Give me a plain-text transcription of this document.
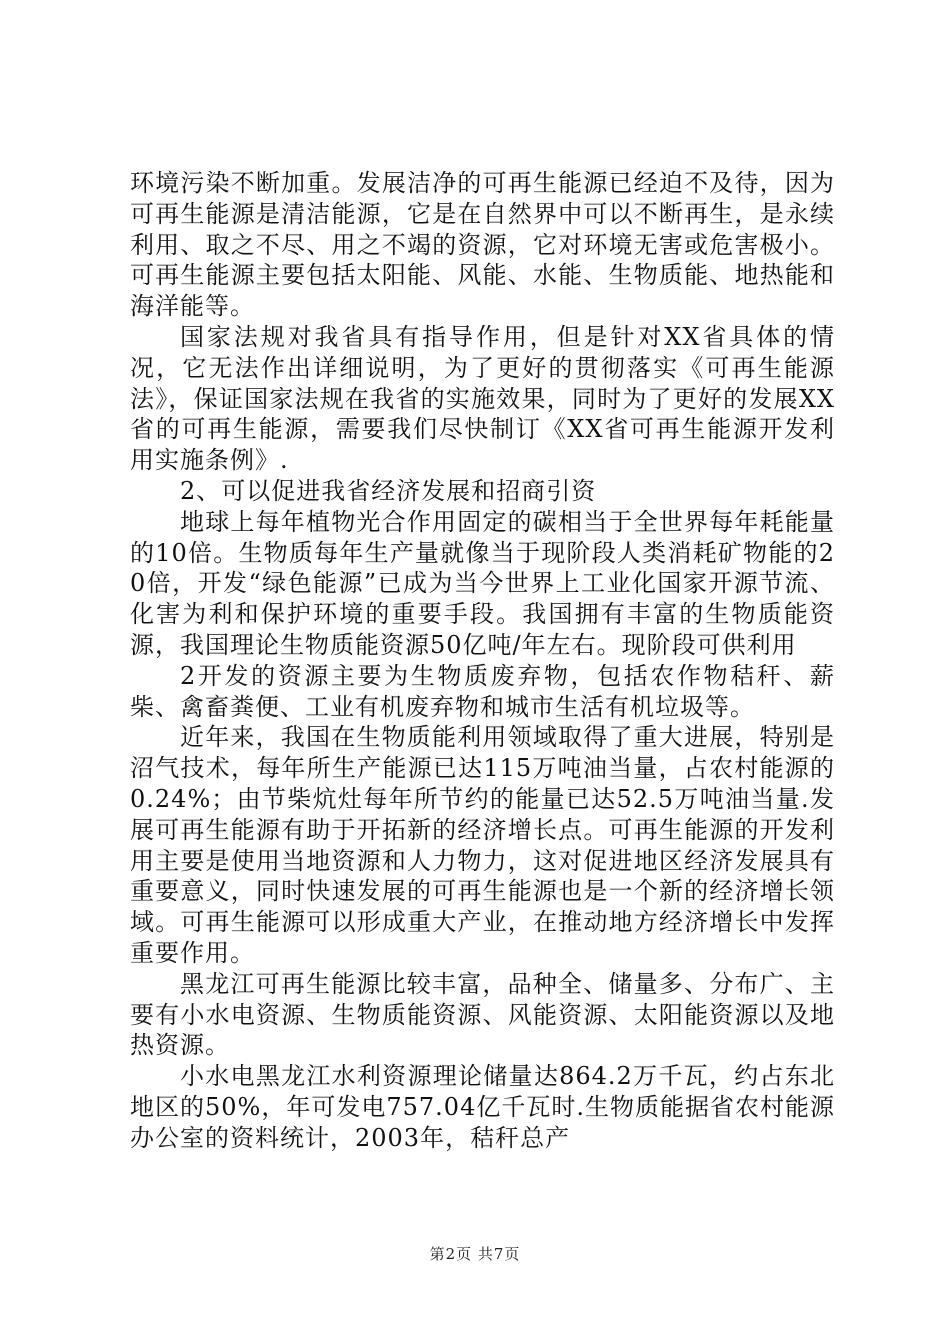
环境污染不断加重。发展洁净的可再生能源已经迫不及待，因为可再生能源是清洁能源，它是在自然界中可以不断再生，是永续利用、取之不尽、用之不竭的资源，它对环境无害或危害极小。可再生能源主要包括太阳能、风能、水能、生物质能、地热能和海洋能等。

国家法规对我省具有指导作用，但是针对XX省具体的情况，它无法作出详细说明，为了更好的贯彻落实《可再生能源法》，保证国家法规在我省的实施效果，同时为了更好的发展XX省的可再生能源，需要我们尽快制订《XX省可再生能源开发利用实施条例》.

2、可以促进我省经济发展和招商引资

地球上每年植物光合作用固定的碳相当于全世界每年耗能量的10倍。生物质每年生产量就像当于现阶段人类消耗矿物能的20倍，开发“绿色能源”已成为当今世界上工业化国家开源节流、化害为利和保护环境的重要手段。我国拥有丰富的生物质能资源，我国理论生物质能资源50亿吨/年左右。现阶段可供利用

2开发的资源主要为生物质废弃物，包括农作物秸秆、薪柴、禽畜粪便、工业有机废弃物和城市生活有机垃圾等。

近年来，我国在生物质能利用领域取得了重大进展，特别是沼气技术，每年所生产能源已达115万吨油当量，占农村能源的0.24%；由节柴炕灶每年所节约的能量已达52.5万吨油当量.发展可再生能源有助于开拓新的经济增长点。可再生能源的开发利用主要是使用当地资源和人力物力，这对促进地区经济发展具有重要意义，同时快速发展的可再生能源也是一个新的经济增长领域。可再生能源可以形成重大产业，在推动地方经济增长中发挥重要作用。

黑龙江可再生能源比较丰富，品种全、储量多、分布广、主要有小水电资源、生物质能资源、风能资源、太阳能资源以及地热资源。

小水电黑龙江水利资源理论储量达864.2万千瓦，约占东北地区的50%，年可发电757.04亿千瓦时.生物质能据省农村能源办公室的资料统计，2003年，秸秆总产

第2页 共7页
